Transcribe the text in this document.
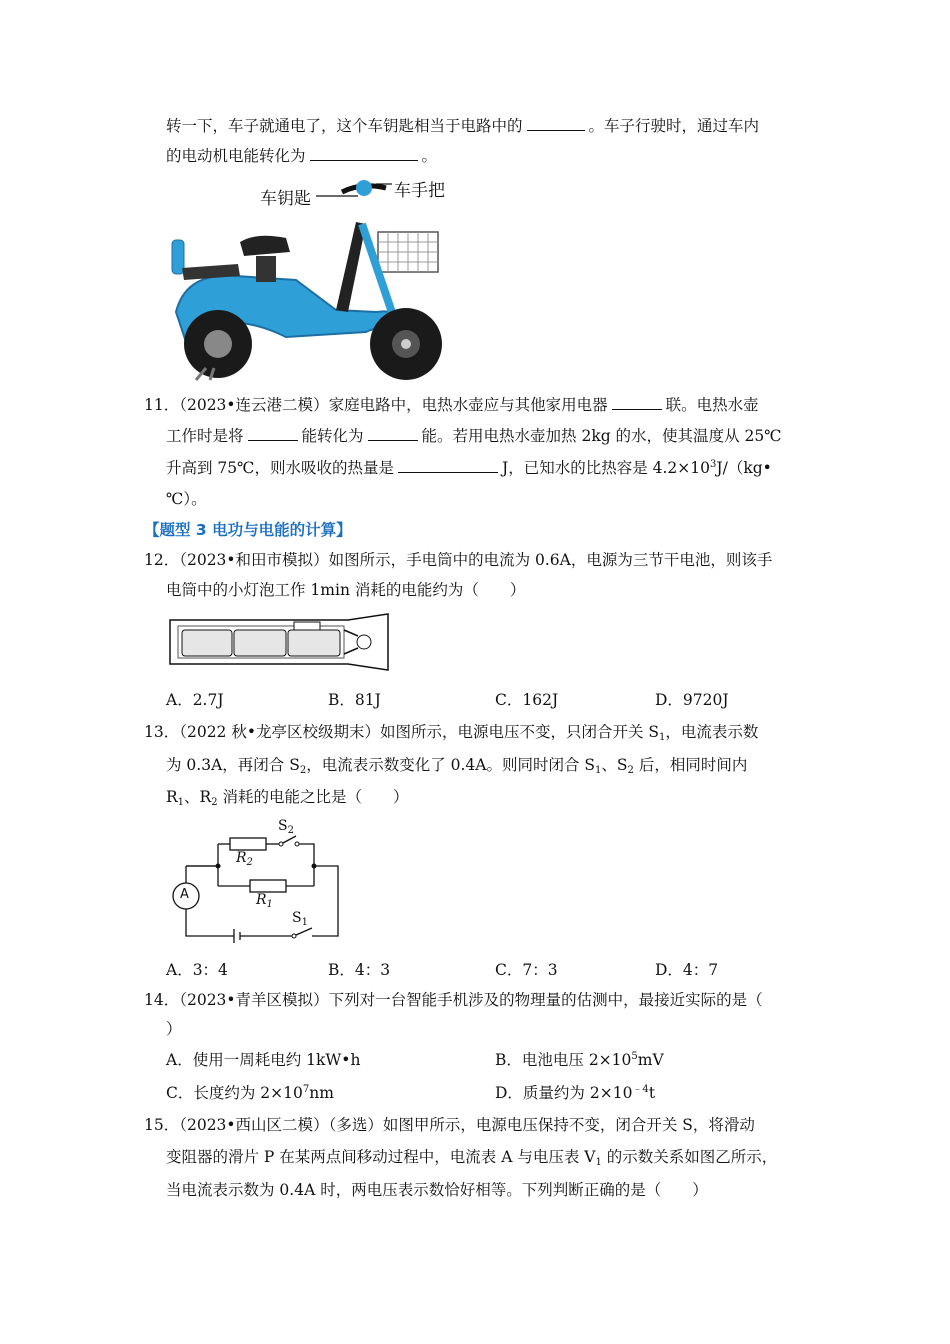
转一下，车子就通电了，这个车钥匙相当于电路中的	。车子行驶时，通过车内
的电动机电能转化为	。
车钥匙	车手把
11．（2023•连云港二模）家庭电路中，电热水壶应与其他家用电器	联。电热水壶
工作时是将	能转化为	能。若用电热水壶加热 2kg 的水，使其温度从 25℃
升高到 75℃，则水吸收的热量是	J，已知水的比热容是 $4.2\times 10^3J/(kg•$
℃）。
【题型 3 电功与电能的计算】
12．（2023•和田市模拟）如图所示，手电筒中的电流为 0.6A，电源为三节干电池，则该手
电筒中的小灯泡工作 1min 消耗的电能约为（　　）
A．2.7J	B．81J	C．162J	D．9720J
13．（2022 秋•龙亭区校级期末）如图所示，电源电压不变，只闭合开关 $S_1$，电流表示数
为 0.3A，再闭合 $S_2$，电流表示数变化了 0.4A。则同时闭合 $S_1$、$S_2$ 后，相同时间内
$R_1$、$R_2$ 消耗的电能之比是（　　）
A
$S_2$
$R_2$
$R_1$
$S_1$
A．3：4	B．4：3	C．7：3	D．4：7
14．（2023•青羊区模拟）下列对一台智能手机涉及的物理量的估测中，最接近实际的是（
）
A．使用一周耗电约 1kW•h	B．电池电压 $2\times 10^5mV$
C．长度约为 $2\times 10^7nm$	D．质量约为 $2\times 10^{﹣4}t$
15．（2023•西山区二模）（多选）如图甲所示，电源电压保持不变，闭合开关 S，将滑动
变阻器的滑片 P 在某两点间移动过程中，电流表 A 与电压表 $V_1$ 的示数关系如图乙所示，
当电流表示数为 0.4A 时，两电压表示数恰好相等。下列判断正确的是（　　）
